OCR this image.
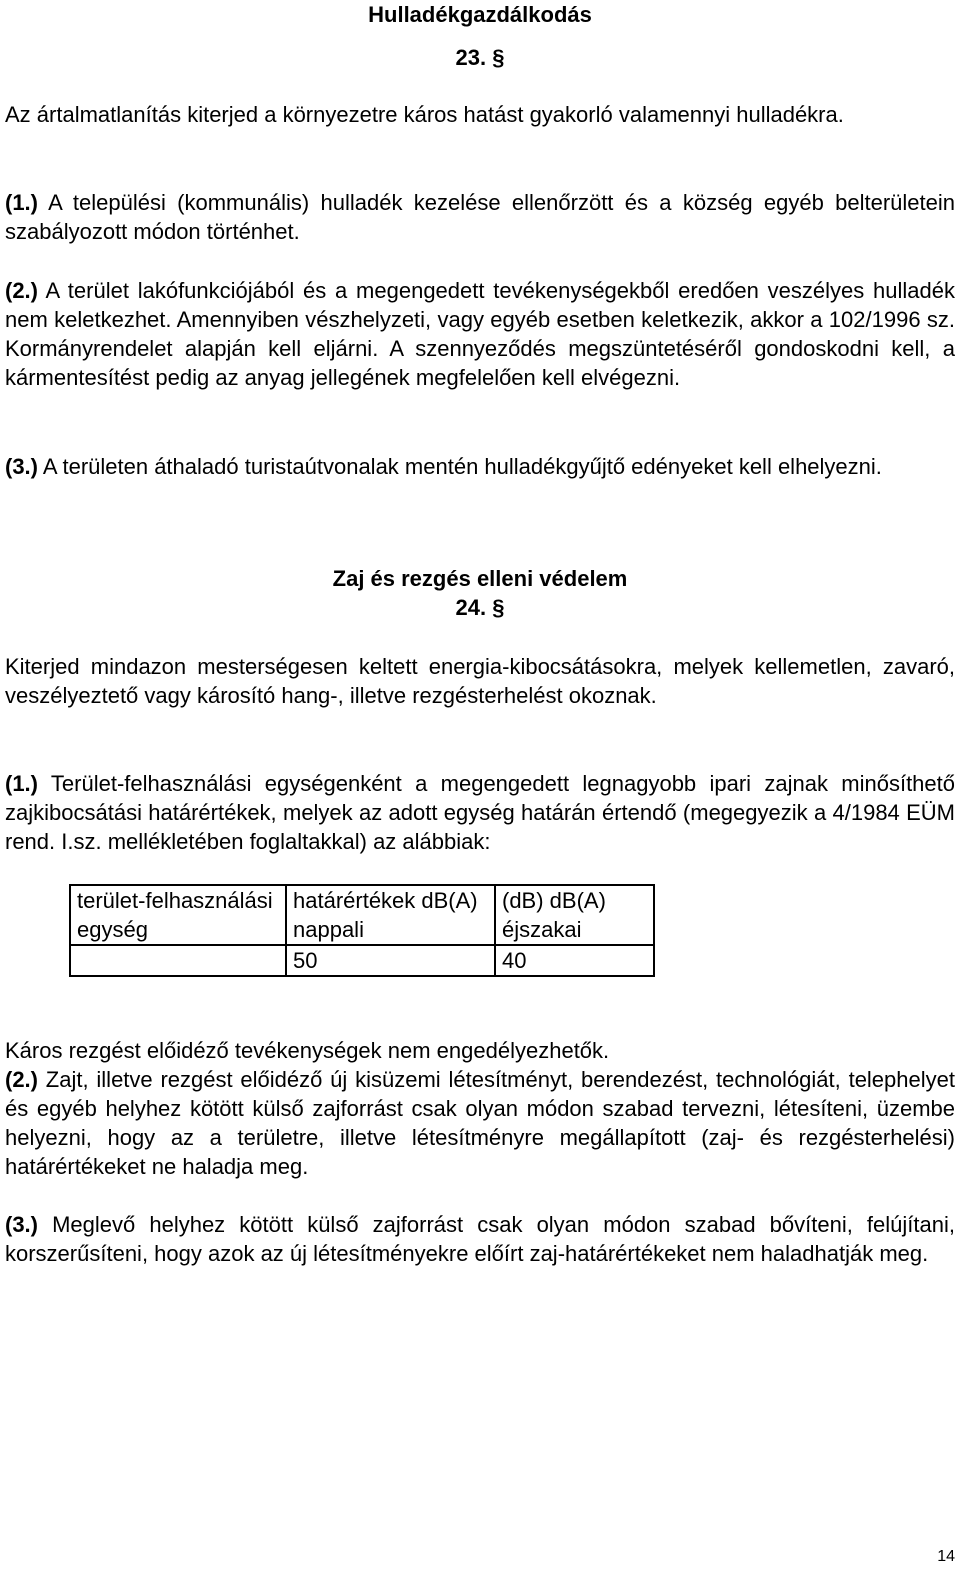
Hulladékgazdálkodás

23. §

Az ártalmatlanítás kiterjed a környezetre káros hatást gyakorló valamennyi hulladékra.

(1.) A települési (kommunális) hulladék kezelése ellenőrzött és a község egyéb belterületein szabályozott módon történhet.

(2.) A terület lakófunkciójából és a megengedett tevékenységekből eredően veszélyes hulladék nem keletkezhet. Amennyiben vészhelyzeti, vagy egyéb esetben keletkezik, akkor a 102/1996 sz. Kormányrendelet alapján kell eljárni. A szennyeződés megszüntetéséről gondoskodni kell, a kármentesítést pedig az anyag jellegének megfelelően kell elvégezni.

(3.) A területen áthaladó turistaútvonalak mentén hulladékgyűjtő edényeket kell elhelyezni.

Zaj és rezgés elleni védelem

24. §

Kiterjed mindazon mesterségesen keltett energia-kibocsátásokra, melyek kellemetlen, zavaró, veszélyeztető vagy károsító hang-, illetve rezgésterhelést okoznak.

(1.) Terület-felhasználási egységenként a megengedett legnagyobb ipari zajnak minősíthető zajkibocsátási határértékek, melyek az adott egység határán értendő (megegyezik a 4/1984 EÜM rend. I.sz. mellékletében foglaltakkal) az alábbiak:

terület-felhasználási egység	határértékek dB(A) nappali	(dB) dB(A) éjszakai
	50	40

Káros rezgést előidéző tevékenységek nem engedélyezhetők.

(2.) Zajt, illetve rezgést előidéző új kisüzemi létesítményt, berendezést, technológiát, telephelyet és egyéb helyhez kötött külső zajforrást csak olyan módon szabad tervezni, létesíteni, üzembe helyezni, hogy az a területre, illetve létesítményre megállapított (zaj- és rezgésterhelési) határértékeket ne haladja meg.

(3.) Meglevő helyhez kötött külső zajforrást csak olyan módon szabad bővíteni, felújítani, korszerűsíteni, hogy azok az új létesítményekre előírt zaj-határértékeket nem haladhatják meg.

14
